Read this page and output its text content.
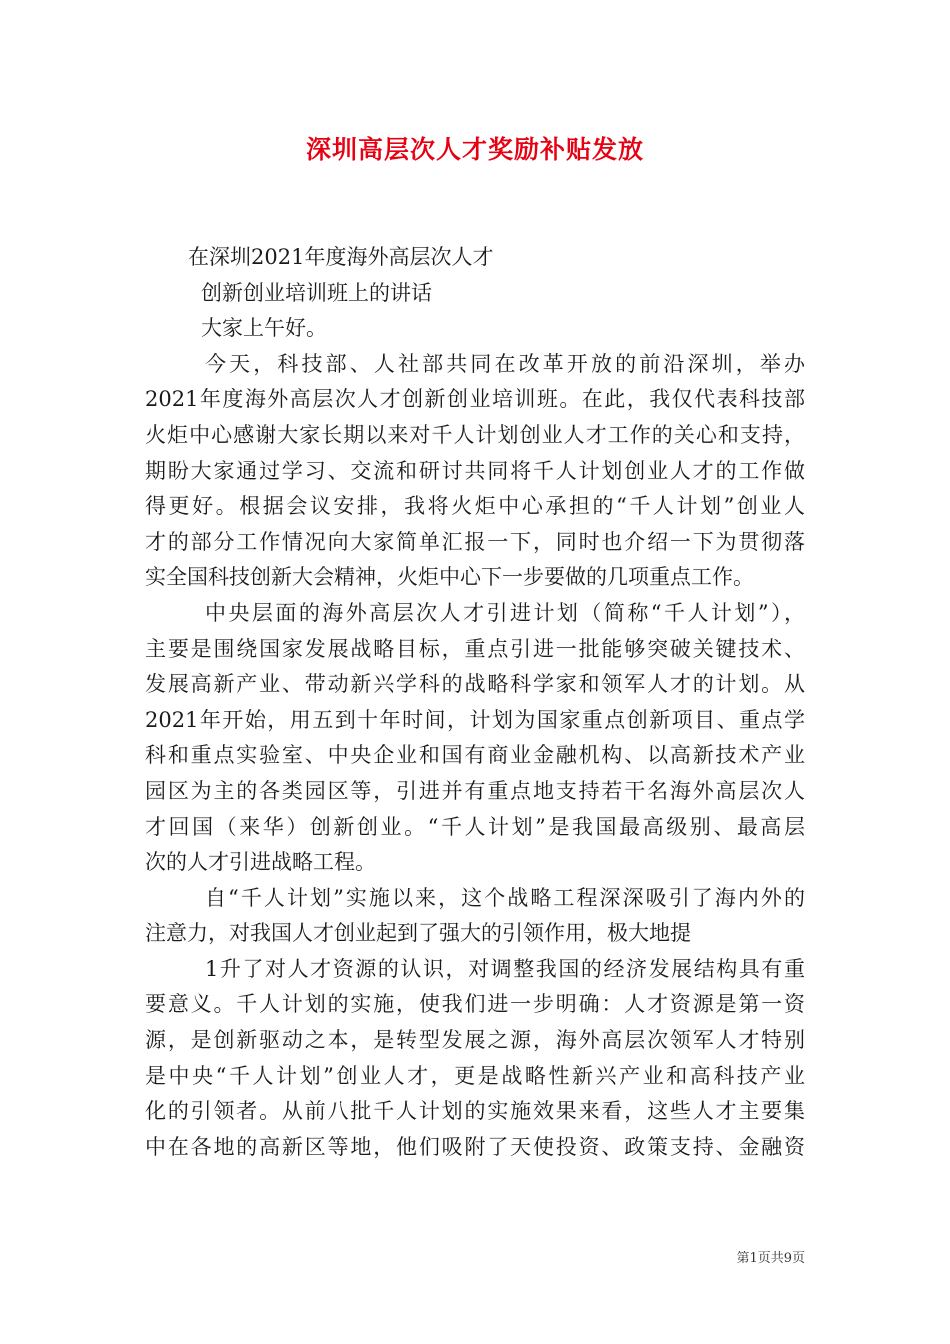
深圳高层次人才奖励补贴发放
在深圳2021年度海外高层次人才
创新创业培训班上的讲话
大家上午好。
今天，科技部、人社部共同在改革开放的前沿深圳，举办
2021年度海外高层次人才创新创业培训班。在此，我仅代表科技部
火炬中心感谢大家长期以来对千人计划创业人才工作的关心和支持，
期盼大家通过学习、交流和研讨共同将千人计划创业人才的工作做
得更好。根据会议安排，我将火炬中心承担的“千人计划”创业人
才的部分工作情况向大家简单汇报一下，同时也介绍一下为贯彻落
实全国科技创新大会精神，火炬中心下一步要做的几项重点工作。
中央层面的海外高层次人才引进计划（简称“千人计划”），
主要是围绕国家发展战略目标，重点引进一批能够突破关键技术、
发展高新产业、带动新兴学科的战略科学家和领军人才的计划。从
2021年开始，用五到十年时间，计划为国家重点创新项目、重点学
科和重点实验室、中央企业和国有商业金融机构、以高新技术产业
园区为主的各类园区等，引进并有重点地支持若干名海外高层次人
才回国（来华）创新创业。“千人计划”是我国最高级别、最高层
次的人才引进战略工程。
自“千人计划”实施以来，这个战略工程深深吸引了海内外的
注意力，对我国人才创业起到了强大的引领作用，极大地提
1升了对人才资源的认识，对调整我国的经济发展结构具有重
要意义。千人计划的实施，使我们进一步明确：人才资源是第一资
源，是创新驱动之本，是转型发展之源，海外高层次领军人才特别
是中央“千人计划”创业人才，更是战略性新兴产业和高科技产业
化的引领者。从前八批千人计划的实施效果来看，这些人才主要集
中在各地的高新区等地，他们吸附了天使投资、政策支持、金融资
第1页共9页
